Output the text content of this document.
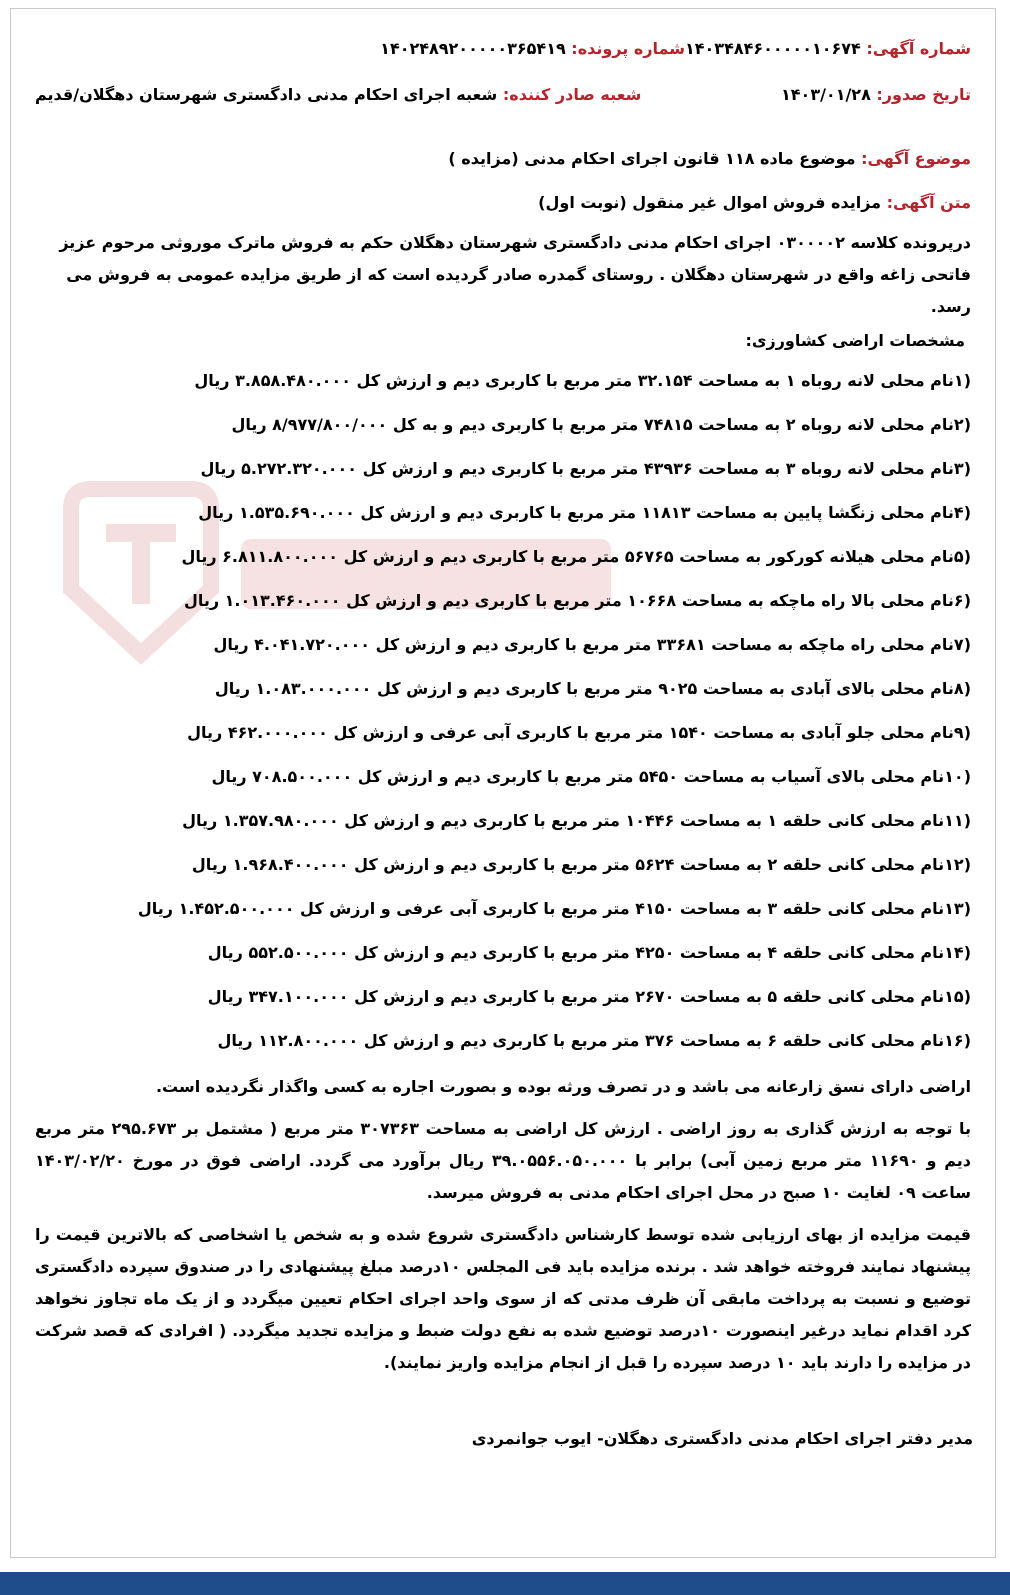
شماره آگهی: ۱۴۰۳۴۸۴۶۰۰۰۰۰۱۰۶۷۴
شماره پرونده: ۱۴۰۲۴۸۹۲۰۰۰۰۰۳۶۵۴۱۹
تاریخ صدور: ۱۴۰۳/۰۱/۲۸
شعبه صادر کننده: شعبه اجرای احکام مدنی دادگستری شهرستان دهگلان/قدیم
موضوع آگهی: موضوع ماده ۱۱۸ قانون اجرای احکام مدنی (مزایده )
متن آگهی: مزایده فروش اموال غیر منقول (نوبت اول)

درپرونده کلاسه ۰۳۰۰۰۰۲ اجرای احکام مدنی دادگستری شهرستان دهگلان حکم به فروش ماترک موروثی مرحوم عزیز فاتحی زاغه واقع در شهرستان دهگلان . روستای گمدره صادر گردیده است که از طریق مزایده عمومی به فروش می رسد.

مشخصات اراضی کشاورزی:

(۱نام محلی لانه روباه ۱ به مساحت ۳۲.۱۵۴ متر مربع با کاربری دیم و ارزش کل ۳.۸۵۸.۴۸۰.۰۰۰ ریال
(۲نام محلی لانه روباه ۲ به مساحت ۷۴۸۱۵ متر مربع با کاربری دیم و به کل ۸/۹۷۷/۸۰۰/۰۰۰ ریال
(۳نام محلی لانه روباه ۳ به مساحت ۴۳۹۳۶ متر مربع با کاربری دیم و ارزش کل ۵.۲۷۲.۳۲۰.۰۰۰ ریال
(۴نام محلی زنگشا پایین به مساحت ۱۱۸۱۳ متر مربع با کاربری دیم و ارزش کل ۱.۵۳۵.۶۹۰.۰۰۰ ریال
(۵نام محلی هیلانه کورکور به مساحت ۵۶۷۶۵ متر مربع با کاربری دیم و ارزش کل ۶.۸۱۱.۸۰۰.۰۰۰ ریال
(۶نام محلی بالا راه ماچکه به مساحت ۱۰۶۶۸ متر مربع با کاربری دیم و ارزش کل ۱.۰۱۳.۴۶۰.۰۰۰ ریال
(۷نام محلی راه ماچکه به مساحت ۳۳۶۸۱ متر مربع با کاربری دیم و ارزش کل ۴.۰۴۱.۷۲۰.۰۰۰ ریال
(۸نام محلی بالای آبادی به مساحت ۹۰۲۵ متر مربع با کاربری دیم و ارزش کل ۱.۰۸۳.۰۰۰.۰۰۰ ریال
(۹نام محلی جلو آبادی به مساحت ۱۵۴۰ متر مربع با کاربری آبی عرفی و ارزش کل ۴۶۲.۰۰۰.۰۰۰ ریال
(۱۰نام محلی بالای آسیاب به مساحت ۵۴۵۰ متر مربع با کاربری دیم و ارزش کل ۷۰۸.۵۰۰.۰۰۰ ریال
(۱۱نام محلی کانی حلقه ۱ به مساحت ۱۰۴۴۶ متر مربع با کاربری دیم و ارزش کل ۱.۳۵۷.۹۸۰.۰۰۰ ریال
(۱۲نام محلی کانی حلقه ۲ به مساحت ۵۶۲۴ متر مربع با کاربری دیم و ارزش کل ۱.۹۶۸.۴۰۰.۰۰۰ ریال
(۱۳نام محلی کانی حلقه ۳ به مساحت ۴۱۵۰ متر مربع با کاربری آبی عرفی و ارزش کل ۱.۴۵۲.۵۰۰.۰۰۰ ریال
(۱۴نام محلی کانی حلقه ۴ به مساحت ۴۲۵۰ متر مربع با کاربری دیم و ارزش کل ۵۵۲.۵۰۰.۰۰۰ ریال
(۱۵نام محلی کانی حلقه ۵ به مساحت ۲۶۷۰ متر مربع با کاربری دیم و ارزش کل ۳۴۷.۱۰۰.۰۰۰ ریال
(۱۶نام محلی کانی حلقه ۶ به مساحت ۳۷۶ متر مربع با کاربری دیم و ارزش کل ۱۱۲.۸۰۰.۰۰۰ ریال

اراضی دارای نسق زارعانه می باشد و در تصرف ورثه بوده و بصورت اجاره به کسی واگذار نگردیده است.

با توجه به ارزش گذاری به روز اراضی . ارزش کل اراضی به مساحت ۳۰۷۳۶۳ متر مربع ( مشتمل بر ۲۹۵.۶۷۳ متر مربع دیم و ۱۱۶۹۰ متر مربع زمین آبی) برابر با ۳۹.۰۵۵۶.۰۵۰.۰۰۰ ریال برآورد می گردد. اراضی فوق در مورخ ۱۴۰۳/۰۲/۲۰ ساعت ۰۹ لغایت ۱۰ صبح در محل اجرای احکام مدنی به فروش میرسد.

قیمت مزایده از بهای ارزیابی شده توسط کارشناس دادگستری شروع شده و به شخص یا اشخاصی که بالاترین قیمت را پیشنهاد نمایند فروخته خواهد شد . برنده مزایده باید فی المجلس ۱۰درصد مبلغ پیشنهادی را در صندوق سپرده دادگستری توضیع و نسبت به پرداخت مابقی آن ظرف مدتی که از سوی واحد اجرای احکام تعیین میگردد و از یک ماه تجاوز نخواهد کرد اقدام نماید درغیر اینصورت ۱۰درصد توضیع شده به نفع دولت ضبط و مزایده تجدید میگردد. ( افرادی که قصد شرکت در مزایده را دارند باید ۱۰ درصد سپرده را قبل از انجام مزایده واریز نمایند).

مدیر دفتر اجرای احکام مدنی دادگستری دهگلان- ایوب جوانمردی
